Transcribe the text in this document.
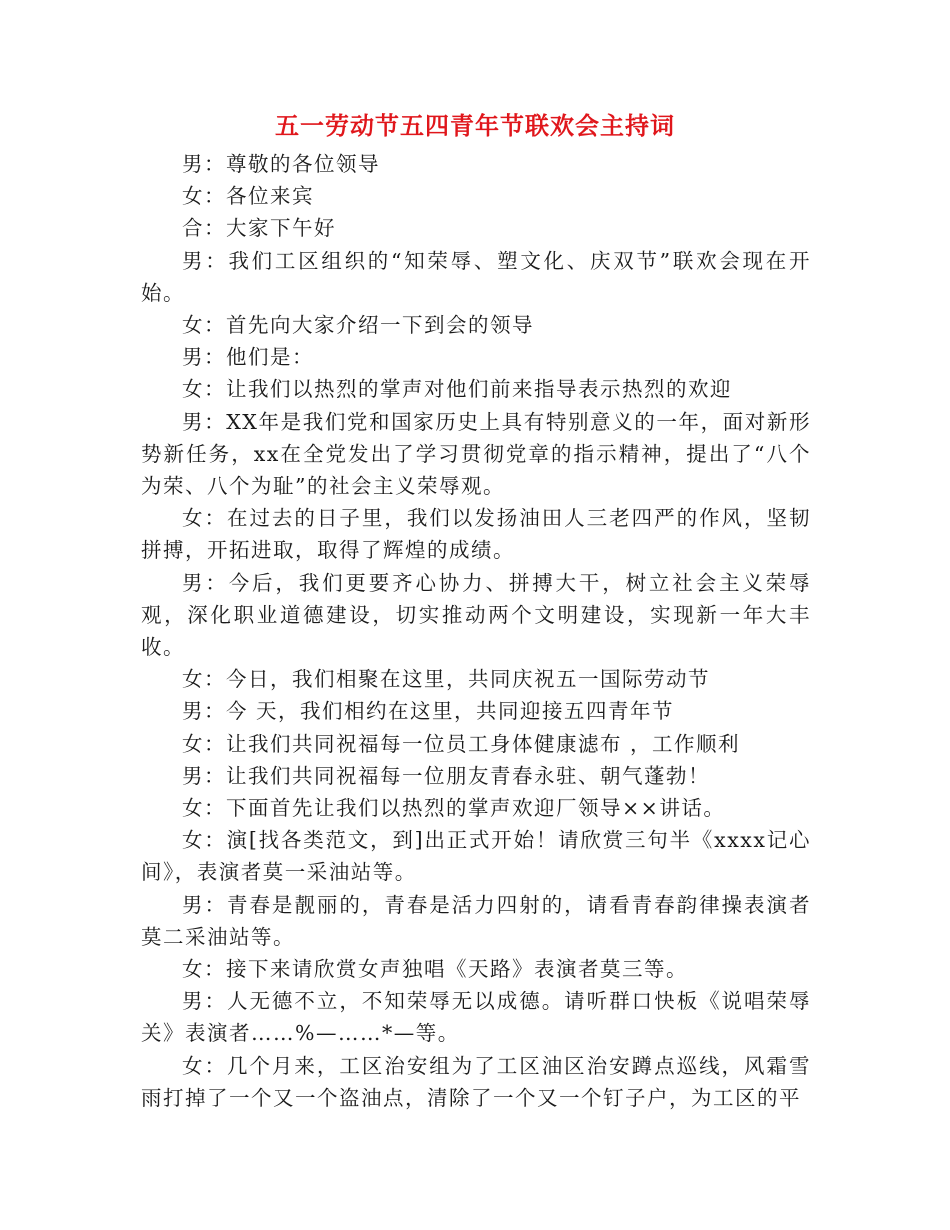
五一劳动节五四青年节联欢会主持词

男：尊敬的各位领导

女：各位来宾

合：大家下午好

男：我们工区组织的“知荣辱、塑文化、庆双节”联欢会现在开始。

女：首先向大家介绍一下到会的领导

男：他们是：

女：让我们以热烈的掌声对他们前来指导表示热烈的欢迎

男：XX年是我们党和国家历史上具有特别意义的一年，面对新形势新任务，xx在全党发出了学习贯彻党章的指示精神，提出了“八个为荣、八个为耻”的社会主义荣辱观。

女：在过去的日子里，我们以发扬油田人三老四严的作风，坚韧拼搏，开拓进取，取得了辉煌的成绩。

男：今后，我们更要齐心协力、拼搏大干，树立社会主义荣辱观，深化职业道德建设，切实推动两个文明建设，实现新一年大丰收。

女：今日，我们相聚在这里，共同庆祝五一国际劳动节

男：今 天，我们相约在这里，共同迎接五四青年节

女：让我们共同祝福每一位员工身体健康滤布 ，工作顺利

男：让我们共同祝福每一位朋友青春永驻、朝气蓬勃！

女：下面首先让我们以热烈的掌声欢迎厂领导××讲话。

女：演[找各类范文，到]出正式开始！请欣赏三句半《xxxx记心间》，表演者莫一采油站等。

男：青春是靓丽的，青春是活力四射的，请看青春韵律操表演者莫二采油站等。

女：接下来请欣赏女声独唱《天路》表演者莫三等。

男：人无德不立，不知荣辱无以成德。请听群口快板《说唱荣辱关》表演者……%—……*—等。

女：几个月来，工区治安组为了工区油区治安蹲点巡线，风霜雪雨打掉了一个又一个盗油点，清除了一个又一个钉子户，为工区的平
